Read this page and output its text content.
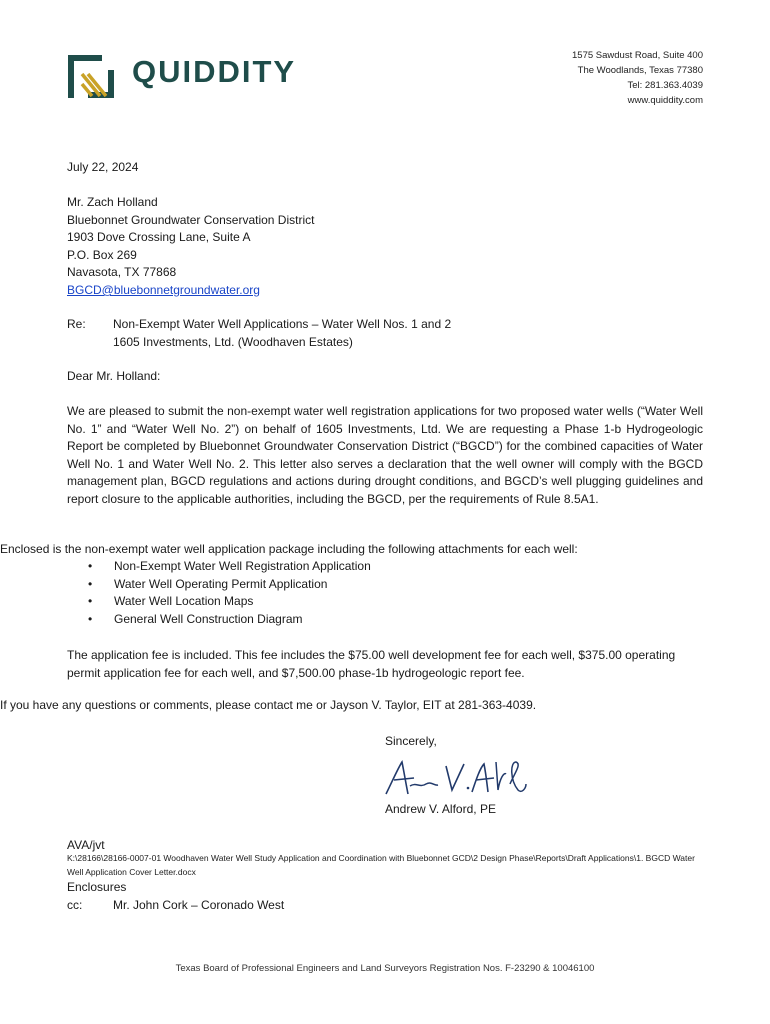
QUIDDITY	1575 Sawdust Road, Suite 400
The Woodlands, Texas 77380
Tel: 281.363.4039
www.quiddity.com
July 22, 2024
Mr. Zach Holland
Bluebonnet Groundwater Conservation District
1903 Dove Crossing Lane, Suite A
P.O. Box 269
Navasota, TX 77868
BGCD@bluebonnetgroundwater.org
Re: Non-Exempt Water Well Applications – Water Well Nos. 1 and 2
1605 Investments, Ltd. (Woodhaven Estates)
Dear Mr. Holland:
We are pleased to submit the non-exempt water well registration applications for two proposed water wells (“Water Well No. 1” and “Water Well No. 2”) on behalf of 1605 Investments, Ltd. We are requesting a Phase 1-b Hydrogeologic Report be completed by Bluebonnet Groundwater Conservation District (“BGCD”) for the combined capacities of Water Well No. 1 and Water Well No. 2. This letter also serves a declaration that the well owner will comply with the BGCD management plan, BGCD regulations and actions during drought conditions, and BGCD’s well plugging guidelines and report closure to the applicable authorities, including the BGCD, per the requirements of Rule 8.5A1.
Enclosed is the non-exempt water well application package including the following attachments for each well:
• Non-Exempt Water Well Registration Application
• Water Well Operating Permit Application
• Water Well Location Maps
• General Well Construction Diagram
The application fee is included. This fee includes the $75.00 well development fee for each well, $375.00 operating permit application fee for each well, and $7,500.00 phase-1b hydrogeologic report fee.
If you have any questions or comments, please contact me or Jayson V. Taylor, EIT at 281-363-4039.
Sincerely,
Andrew V. Alford, PE
AVA/jvt
K:\28166\28166-0007-01 Woodhaven Water Well Study Application and Coordination with Bluebonnet GCD\2 Design Phase\Reports\Draft Applications\1. BGCD Water Well Application Cover Letter.docx
Enclosures
cc:	Mr. John Cork – Coronado West
Texas Board of Professional Engineers and Land Surveyors Registration Nos. F-23290 & 10046100
